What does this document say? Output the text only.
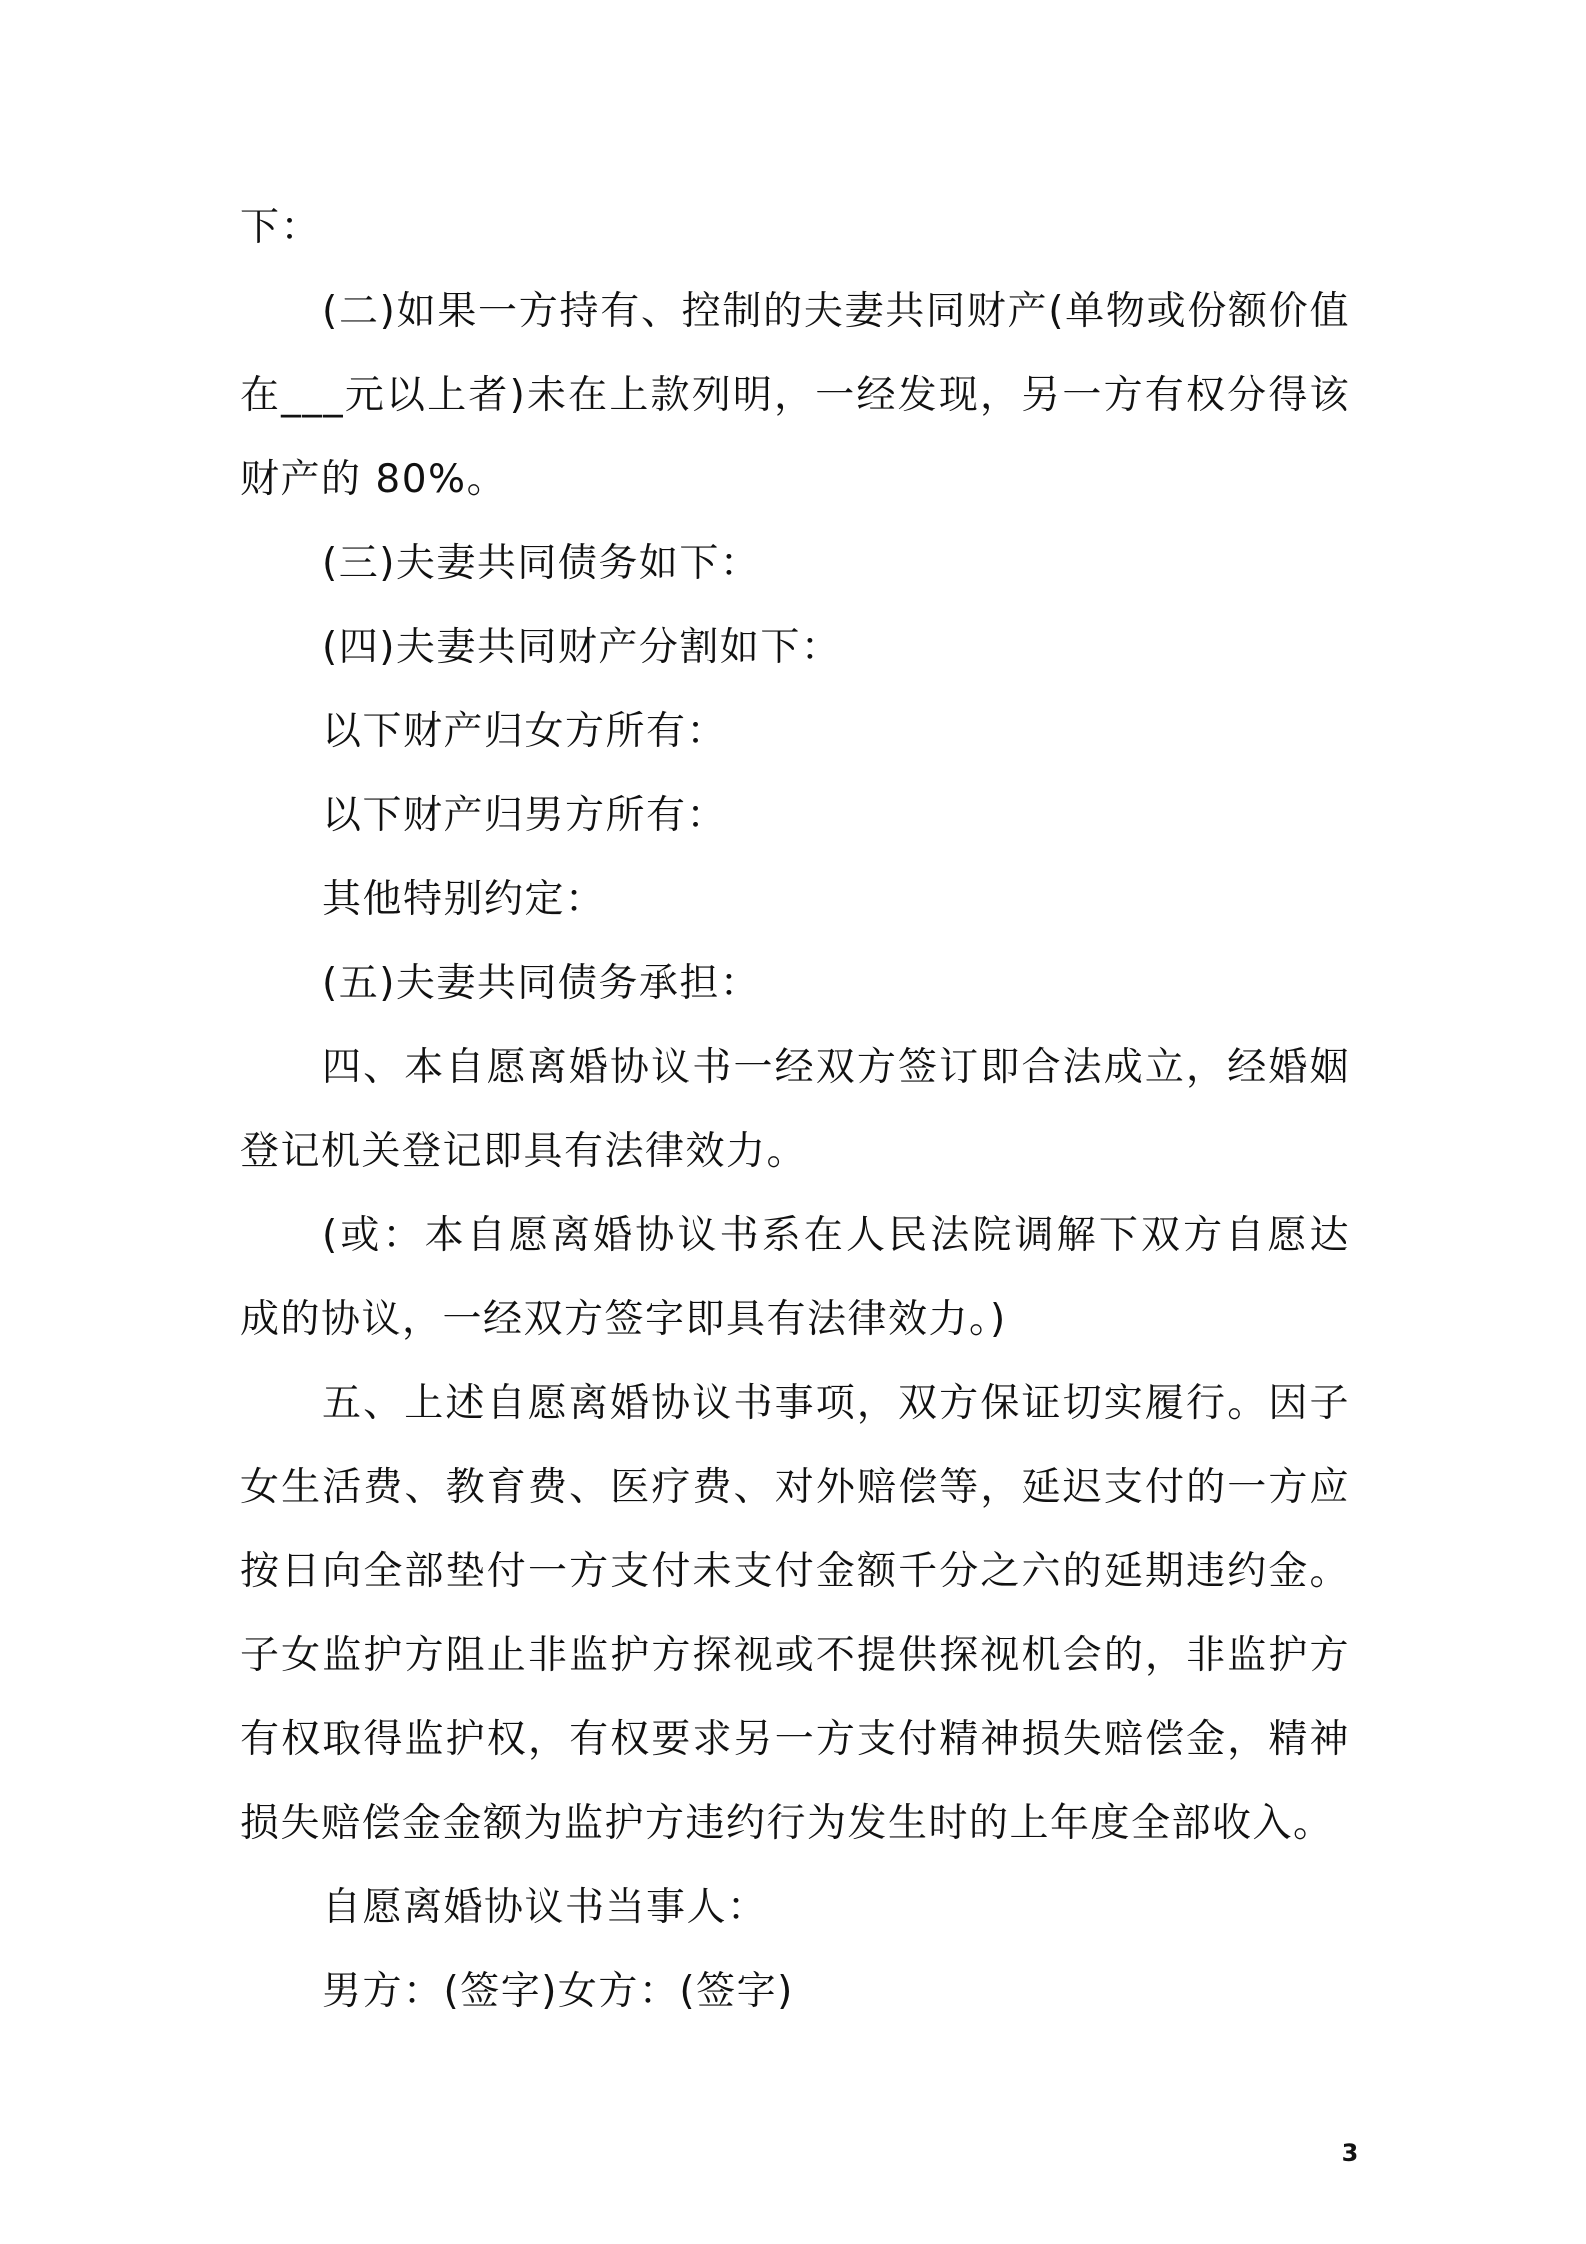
下：

(二)如果一方持有、控制的夫妻共同财产(单物或份额价值在___元以上者)未在上款列明，一经发现，另一方有权分得该财产的 80%。

(三)夫妻共同债务如下：

(四)夫妻共同财产分割如下：

以下财产归女方所有：

以下财产归男方所有：

其他特别约定：

(五)夫妻共同债务承担：

四、本自愿离婚协议书一经双方签订即合法成立，经婚姻登记机关登记即具有法律效力。

(或：本自愿离婚协议书系在人民法院调解下双方自愿达成的协议，一经双方签字即具有法律效力。)

五、上述自愿离婚协议书事项，双方保证切实履行。因子女生活费、教育费、医疗费、对外赔偿等，延迟支付的一方应按日向全部垫付一方支付未支付金额千分之六的延期违约金。子女监护方阻止非监护方探视或不提供探视机会的，非监护方有权取得监护权，有权要求另一方支付精神损失赔偿金，精神损失赔偿金金额为监护方违约行为发生时的上年度全部收入。

自愿离婚协议书当事人：

男方：(签字)女方：(签字)

3
